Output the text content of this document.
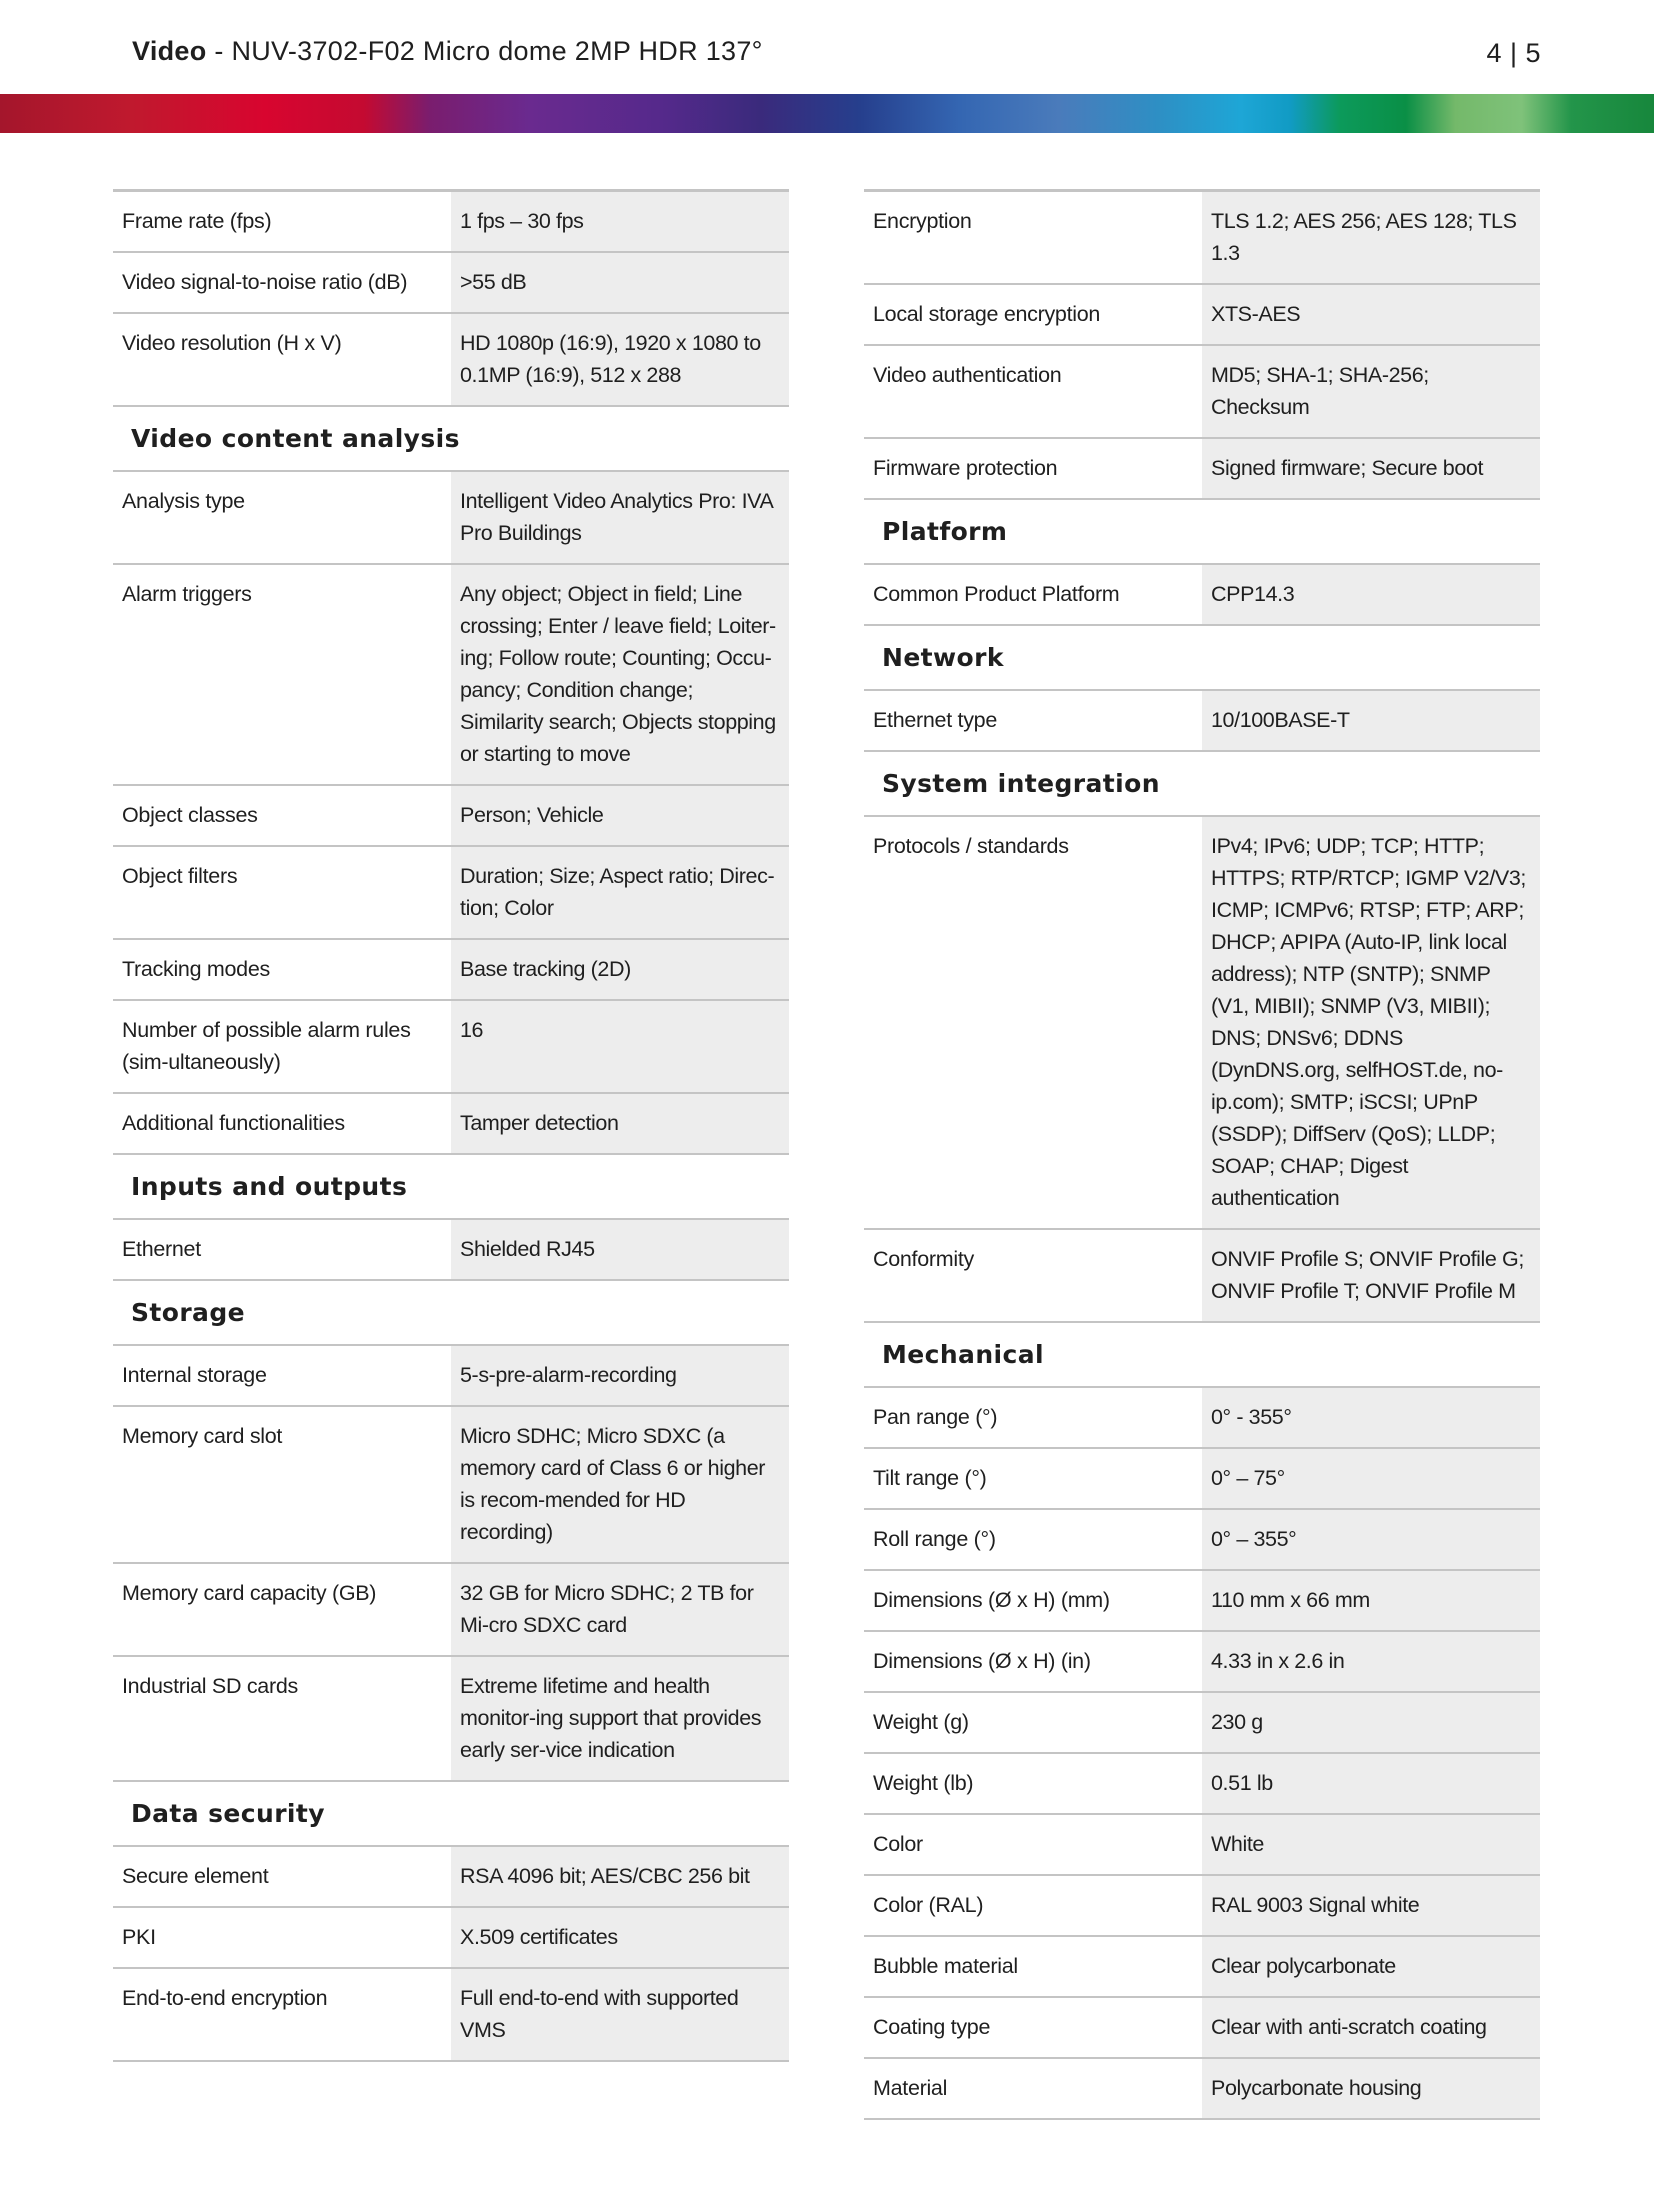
Video - NUV-3702-F02 Micro dome 2MP HDR 137°	4 | 5
Frame rate (fps)	1 fps – 30 fps
Video signal-to-noise ratio (dB)	>55 dB
Video resolution (H x V)	HD 1080p (16:9), 1920 x 1080 to 0.1MP (16:9), 512 x 288
Video content analysis	
Analysis type	Intelligent Video Analytics Pro: IVA Pro Buildings
Alarm triggers	Any object; Object in field; Line crossing; Enter / leave field; Loiter-ing; Follow route; Counting; Occu-pancy; Condition change; Similarity search; Objects stopping or starting to move
Object classes	Person; Vehicle
Object filters	Duration; Size; Aspect ratio; Direc-tion; Color
Tracking modes	Base tracking (2D)
Number of possible alarm rules (sim-ultaneously)	16
Additional functionalities	Tamper detection
Inputs and outputs	
Ethernet	Shielded RJ45
Storage	
Internal storage	5-s-pre-alarm-recording
Memory card slot	Micro SDHC; Micro SDXC (a memory card of Class 6 or higher is recom-mended for HD recording)
Memory card capacity (GB)	32 GB for Micro SDHC; 2 TB for Mi-cro SDXC card
Industrial SD cards	Extreme lifetime and health monitor-ing support that provides early ser-vice indication
Data security	
Secure element	RSA 4096 bit; AES/CBC 256 bit
PKI	X.509 certificates
End-to-end encryption	Full end-to-end with supported VMS
Encryption	TLS 1.2; AES 256; AES 128; TLS 1.3
Local storage encryption	XTS-AES
Video authentication	MD5; SHA-1; SHA-256; Checksum
Firmware protection	Signed firmware; Secure boot
Platform	
Common Product Platform	CPP14.3
Network	
Ethernet type	10/100BASE-T
System integration	
Protocols / standards	IPv4; IPv6; UDP; TCP; HTTP; HTTPS; RTP/RTCP; IGMP V2/V3; ICMP; ICMPv6; RTSP; FTP; ARP; DHCP; APIPA (Auto-IP, link local address); NTP (SNTP); SNMP (V1, MIBII); SNMP (V3, MIBII); DNS; DNSv6; DDNS (DynDNS.org, selfHOST.de, no-ip.com); SMTP; iSCSI; UPnP (SSDP); DiffServ (QoS); LLDP; SOAP; CHAP; Digest authentication
Conformity	ONVIF Profile S; ONVIF Profile G; ONVIF Profile T; ONVIF Profile M
Mechanical	
Pan range (°)	0° - 355°
Tilt range (°)	0° – 75°
Roll range (°)	0° – 355°
Dimensions (Ø x H) (mm)	110 mm x 66 mm
Dimensions (Ø x H) (in)	4.33 in x 2.6 in
Weight (g)	230 g
Weight (lb)	0.51 lb
Color	White
Color (RAL)	RAL 9003 Signal white
Bubble material	Clear polycarbonate
Coating type	Clear with anti-scratch coating
Material	Polycarbonate housing
